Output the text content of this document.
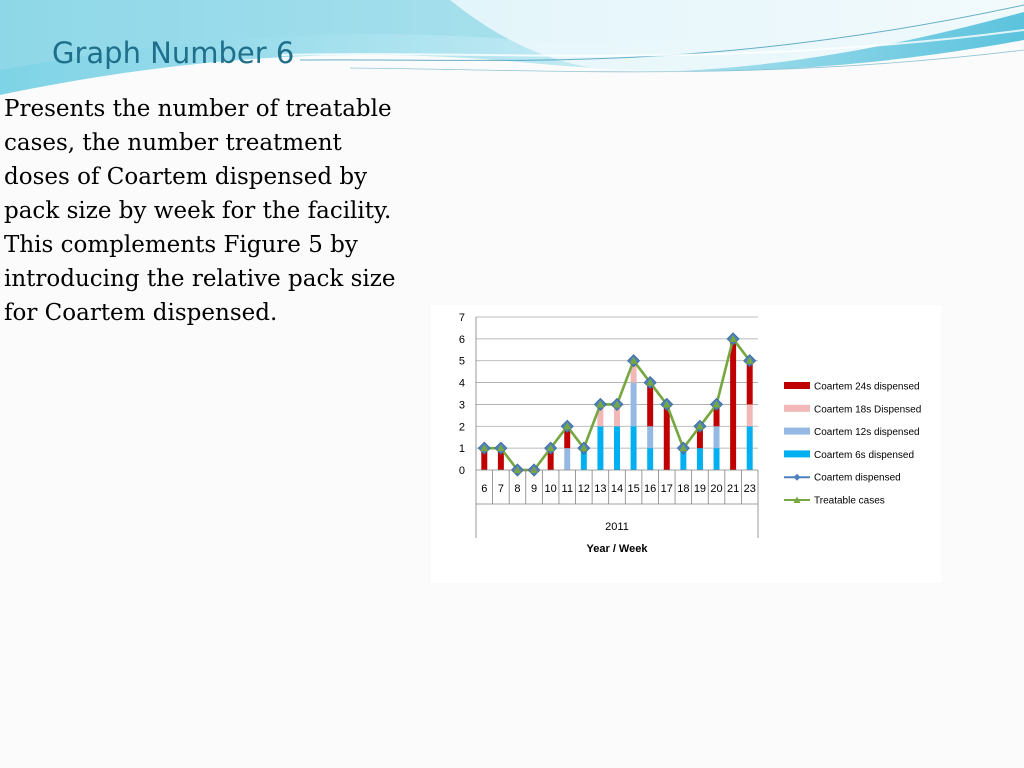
Graph Number 6
Presents the number of treatable cases, the number treatment doses of Coartem dispensed by pack size by week for the facility. This complements Figure 5 by introducing the relative pack size for Coartem dispensed.
0
1
2
3
4
5
6
7
6 7 8 9 10 11 12 13 14 15 16 17 18 19 20 21 23
2011
Year / Week
Coartem 24s dispensed
Coartem 18s Dispensed
Coartem 12s dispensed
Coartem 6s dispensed
Coartem dispensed
Treatable cases
